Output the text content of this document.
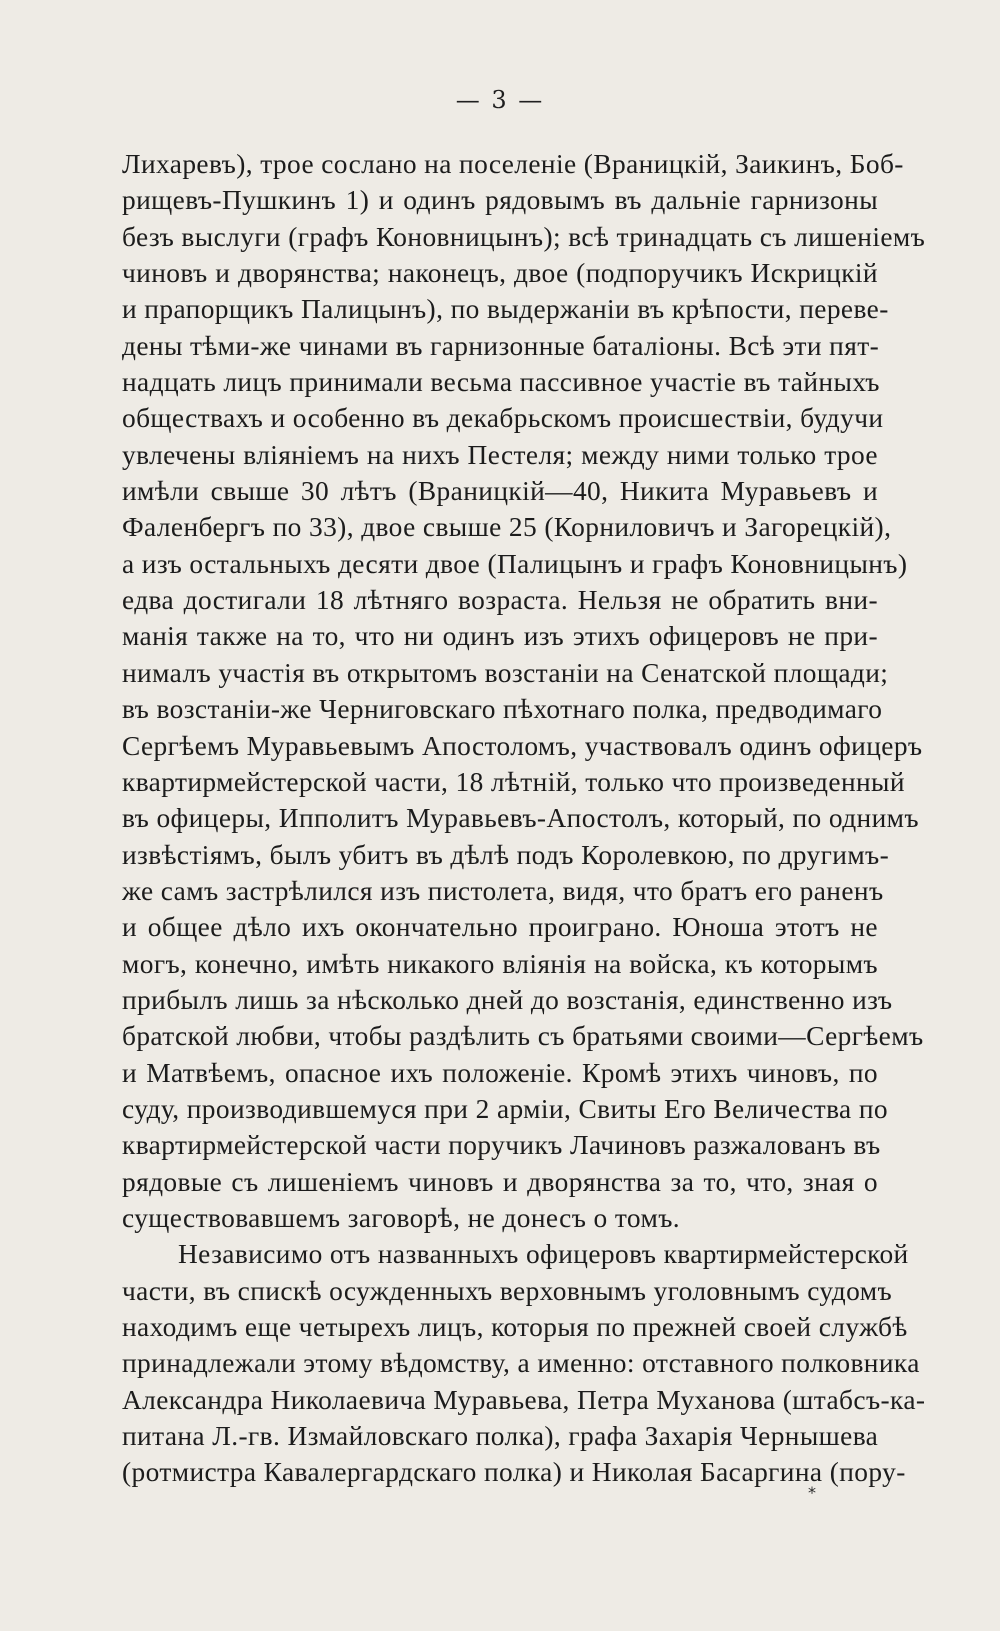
— 3 —
Лихаревъ), трое сослано на поселеніе (Враницкій, Заикинъ, Боб-
рищевъ-Пушкинъ 1) и одинъ рядовымъ въ дальніе гарнизоны
безъ выслуги (графъ Коновницынъ); всѣ тринадцать съ лишеніемъ
чиновъ и дворянства; наконецъ, двое (подпоручикъ Искрицкій
и прапорщикъ Палицынъ), по выдержаніи въ крѣпости, переве-
дены тѣми-же чинами въ гарнизонные баталіоны. Всѣ эти пят-
надцать лицъ принимали весьма пассивное участіе въ тайныхъ
обществахъ и особенно въ декабрьскомъ происшествіи, будучи
увлечены вліяніемъ на нихъ Пестеля; между ними только трое
имѣли свыше 30 лѣтъ (Враницкій—40, Никита Муравьевъ и
Фаленбергъ по 33), двое свыше 25 (Корниловичъ и Загорецкій),
а изъ остальныхъ десяти двое (Палицынъ и графъ Коновницынъ)
едва достигали 18 лѣтняго возраста. Нельзя не обратить вни-
манія также на то, что ни одинъ изъ этихъ офицеровъ не при-
нималъ участія въ открытомъ возстаніи на Сенатской площади;
въ возстаніи-же Черниговскаго пѣхотнаго полка, предводимаго
Сергѣемъ Муравьевымъ Апостоломъ, участвовалъ одинъ офицеръ
квартирмейстерской части, 18 лѣтній, только что произведенный
въ офицеры, Ипполитъ Муравьевъ-Апостолъ, который, по однимъ
извѣстіямъ, былъ убитъ въ дѣлѣ подъ Королевкою, по другимъ-
же самъ застрѣлился изъ пистолета, видя, что братъ его раненъ
и общее дѣло ихъ окончательно проиграно. Юноша этотъ не
могъ, конечно, имѣть никакого вліянія на войска, къ которымъ
прибылъ лишь за нѣсколько дней до возстанія, единственно изъ
братской любви, чтобы раздѣлить съ братьями своими—Сергѣемъ
и Матвѣемъ, опасное ихъ положеніе. Кромѣ этихъ чиновъ, по
суду, производившемуся при 2 арміи, Свиты Его Величества по
квартирмейстерской части поручикъ Лачиновъ разжалованъ въ
рядовые съ лишеніемъ чиновъ и дворянства за то, что, зная о
существовавшемъ заговорѣ, не донесъ о томъ.
Независимо отъ названныхъ офицеровъ квартирмейстерской
части, въ спискѣ осужденныхъ верховнымъ уголовнымъ судомъ
находимъ еще четырехъ лицъ, которыя по прежней своей службѣ
принадлежали этому вѣдомству, а именно: отставного полковника
Александра Николаевича Муравьева, Петра Муханова (штабсъ-ка-
питана Л.-гв. Измайловскаго полка), графа Захарія Чернышева
(ротмистра Кавалергардскаго полка) и Николая Басаргина (пору-
*
